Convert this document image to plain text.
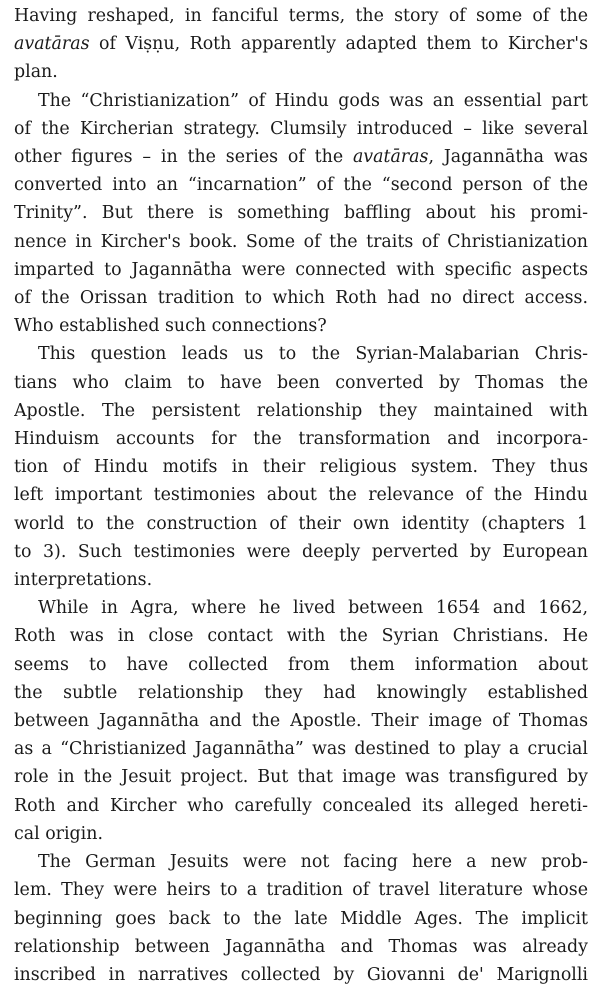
Having reshaped, in fanciful terms, the story of some of the
avatāras of Viṣṇu, Roth apparently adapted them to Kircher's
plan.

The “Christianization” of Hindu gods was an essential part
of the Kircherian strategy. Clumsily introduced – like several
other figures – in the series of the avatāras, Jagannātha was
converted into an “incarnation” of the “second person of the
Trinity”. But there is something baffling about his promi-
nence in Kircher's book. Some of the traits of Christianization
imparted to Jagannātha were connected with specific aspects
of the Orissan tradition to which Roth had no direct access.
Who established such connections?

This question leads us to the Syrian-Malabarian Chris-
tians who claim to have been converted by Thomas the
Apostle. The persistent relationship they maintained with
Hinduism accounts for the transformation and incorpora-
tion of Hindu motifs in their religious system. They thus
left important testimonies about the relevance of the Hindu
world to the construction of their own identity (chapters 1
to 3). Such testimonies were deeply perverted by European
interpretations.

While in Agra, where he lived between 1654 and 1662,
Roth was in close contact with the Syrian Christians. He
seems to have collected from them information about
the subtle relationship they had knowingly established
between Jagannātha and the Apostle. Their image of Thomas
as a “Christianized Jagannātha” was destined to play a crucial
role in the Jesuit project. But that image was transfigured by
Roth and Kircher who carefully concealed its alleged hereti-
cal origin.

The German Jesuits were not facing here a new prob-
lem. They were heirs to a tradition of travel literature whose
beginning goes back to the late Middle Ages. The implicit
relationship between Jagannātha and Thomas was already
inscribed in narratives collected by Giovanni de' Marignolli
